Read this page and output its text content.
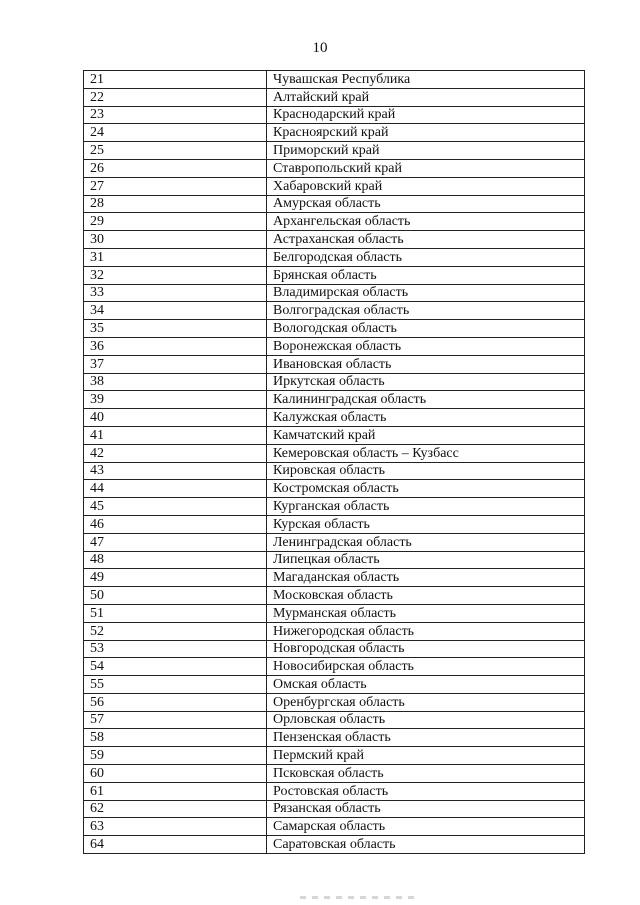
10
21	Чувашская Республика
22	Алтайский край
23	Краснодарский край
24	Красноярский край
25	Приморский край
26	Ставропольский край
27	Хабаровский край
28	Амурская область
29	Архангельская область
30	Астраханская область
31	Белгородская область
32	Брянская область
33	Владимирская область
34	Волгоградская область
35	Вологодская область
36	Воронежская область
37	Ивановская область
38	Иркутская область
39	Калининградская область
40	Калужская область
41	Камчатский край
42	Кемеровская область – Кузбасс
43	Кировская область
44	Костромская область
45	Курганская область
46	Курская область
47	Ленинградская область
48	Липецкая область
49	Магаданская область
50	Московская область
51	Мурманская область
52	Нижегородская область
53	Новгородская область
54	Новосибирская область
55	Омская область
56	Оренбургская область
57	Орловская область
58	Пензенская область
59	Пермский край
60	Псковская область
61	Ростовская область
62	Рязанская область
63	Самарская область
64	Саратовская область
